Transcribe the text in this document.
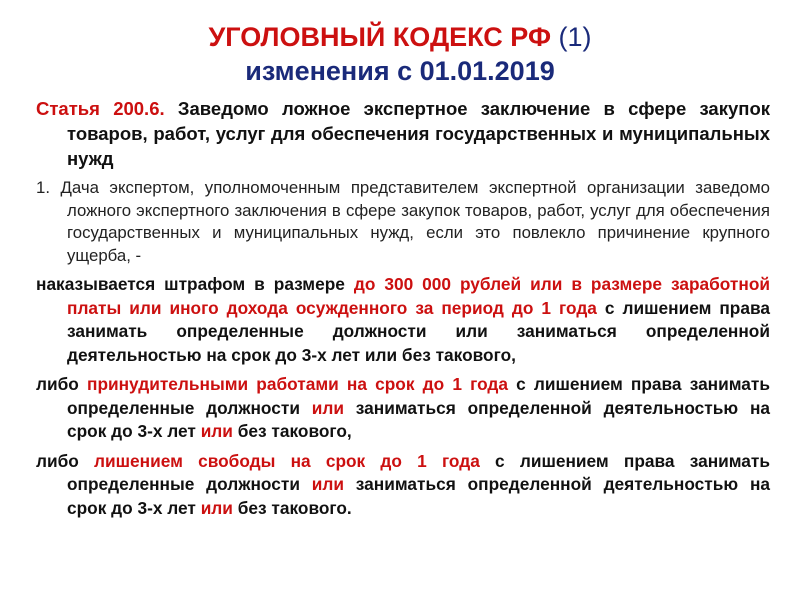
УГОЛОВНЫЙ КОДЕКС РФ (1)
изменения с 01.01.2019

Статья 200.6. Заведомо ложное экспертное заключение в сфере закупок товаров, работ, услуг для обеспечения государственных и муниципальных нужд

1. Дача экспертом, уполномоченным представителем экспертной организации заведомо ложного экспертного заключения в сфере закупок товаров, работ, услуг для обеспечения государственных и муниципальных нужд, если это повлекло причинение крупного ущерба, -

наказывается штрафом в размере до 300 000 рублей или в размере заработной платы или иного дохода осужденного за период до 1 года с лишением права занимать определенные должности или заниматься определенной деятельностью на срок до 3-х лет или без такового,

либо принудительными работами на срок до 1 года с лишением права занимать определенные должности или заниматься определенной деятельностью на срок до 3-х лет или без такового,

либо лишением свободы на срок до 1 года с лишением права занимать определенные должности или заниматься определенной деятельностью на срок до 3-х лет или без такового.
